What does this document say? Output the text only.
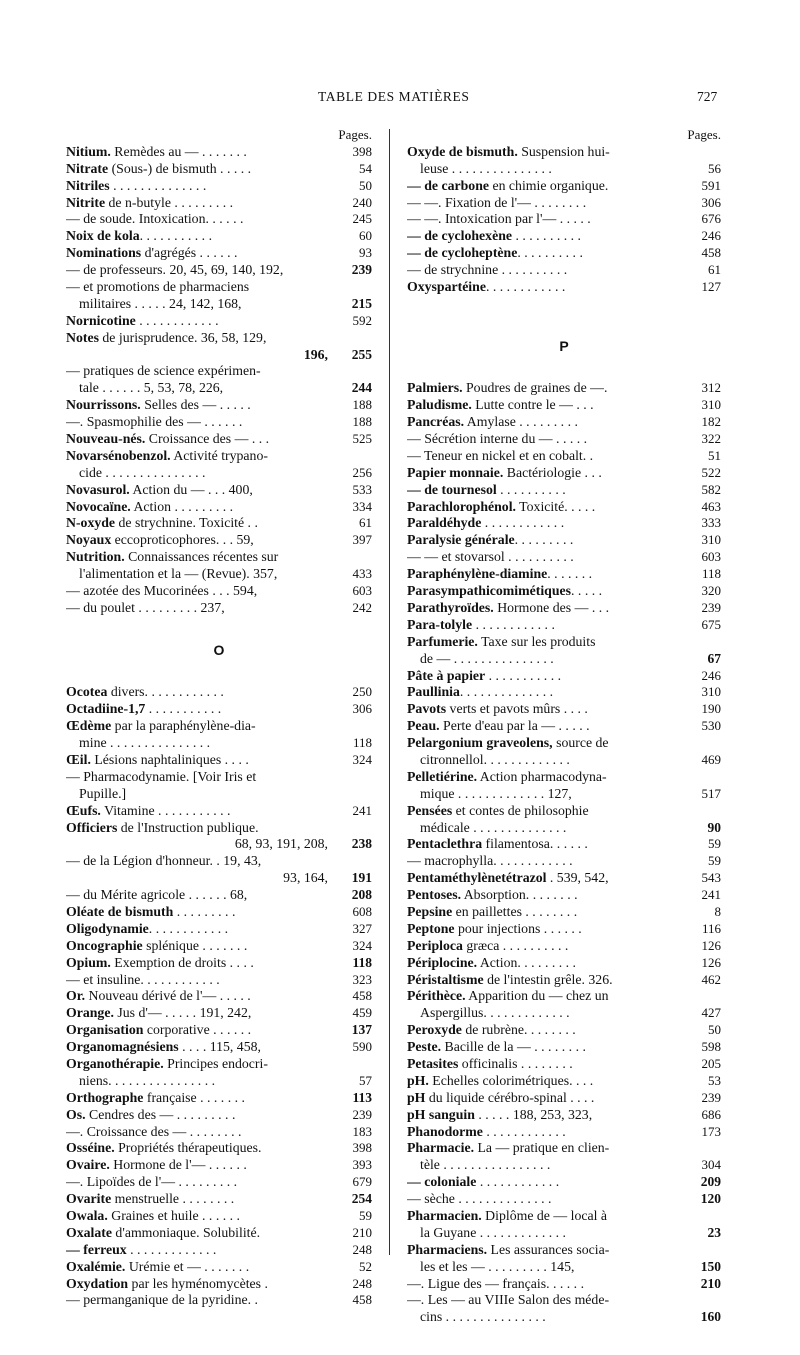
TABLE DES MATIÈRES	727
Pages.
Nitium. Remèdes au — . . . . . . .	398
Nitrate (Sous-) de bismuth . . . . .	54
Nitriles . . . . . . . . . . . . . .	50
Nitrite de n-butyle . . . . . . . . .	240
— de soude. Intoxication. . . . . .	245
Noix de kola. . . . . . . . . . .	60
Nominations d'agrégés . . . . . .	93
— de professeurs. 20, 45, 69, 140, 192,	239
— et promotions de pharmaciens
militaires . . . . . 24, 142, 168,	215
Nornicotine . . . . . . . . . . . .	592
Notes de jurisprudence. 36, 58, 129,
196,	255
— pratiques de science expérimen-
tale . . . . . . 5, 53, 78, 226,	244
Nourrissons. Selles des — . . . . .	188
—. Spasmophilie des — . . . . . .	188
Nouveau-nés. Croissance des — . . .	525
Novarsénobenzol. Activité trypano-
cide . . . . . . . . . . . . . . .	256
Novasurol. Action du — . . . 400,	533
Novocaïne. Action . . . . . . . . .	334
N-oxyde de strychnine. Toxicité . .	61
Noyaux eccoproticophores. . . 59,	397
Nutrition. Connaissances récentes sur
l'alimentation et la — (Revue). 357,	433
— azotée des Mucorinées . . . 594,	603
— du poulet . . . . . . . . . 237,	242
O
Ocotea divers. . . . . . . . . . . .	250
Octadiine-1,7 . . . . . . . . . . .	306
Œdème par la paraphénylène-dia-
mine . . . . . . . . . . . . . . .	118
Œil. Lésions naphtaliniques . . . .	324
— Pharmacodynamie. [Voir Iris et
Pupille.]
Œufs. Vitamine . . . . . . . . . . .	241
Officiers de l'Instruction publique.
68, 93, 191, 208,	238
— de la Légion d'honneur. . 19, 43,
93, 164,	191
— du Mérite agricole . . . . . . 68,	208
Oléate de bismuth . . . . . . . . .	608
Oligodynamie. . . . . . . . . . . .	327
Oncographie splénique . . . . . . .	324
Opium. Exemption de droits . . . .	118
— et insuline. . . . . . . . . . . .	323
Or. Nouveau dérivé de l'— . . . . .	458
Orange. Jus d'— . . . . . 191, 242,	459
Organisation corporative . . . . . .	137
Organomagnésiens . . . . 115, 458,	590
Organothérapie. Principes endocri-
niens. . . . . . . . . . . . . . . .	57
Orthographe française . . . . . . .	113
Os. Cendres des — . . . . . . . . .	239
—. Croissance des — . . . . . . . .	183
Osséine. Propriétés thérapeutiques.	398
Ovaire. Hormone de l'— . . . . . .	393
—. Lipoïdes de l'— . . . . . . . . .	679
Ovarite menstruelle . . . . . . . .	254
Owala. Graines et huile . . . . . .	59
Oxalate d'ammoniaque. Solubilité.	210
— ferreux . . . . . . . . . . . . .	248
Oxalémie. Urémie et — . . . . . . .	52
Oxydation par les hyménomycètes .	248
— permanganique de la pyridine. .	458
Pages.
Oxyde de bismuth. Suspension hui-
leuse . . . . . . . . . . . . . . .	56
— de carbone en chimie organique.	591
— —. Fixation de l'— . . . . . . . .	306
— —. Intoxication par l'— . . . . .	676
— de cyclohexène . . . . . . . . . .	246
— de cycloheptène. . . . . . . . . .	458
— de strychnine . . . . . . . . . .	61
Oxyspartéine. . . . . . . . . . . .	127
P
Palmiers. Poudres de graines de —.	312
Paludisme. Lutte contre le — . . .	310
Pancréas. Amylase . . . . . . . . .	182
— Sécrétion interne du — . . . . .	322
— Teneur en nickel et en cobalt. .	51
Papier monnaie. Bactériologie . . .	522
— de tournesol . . . . . . . . . .	582
Parachlorophénol. Toxicité. . . . .	463
Paraldéhyde . . . . . . . . . . . .	333
Paralysie générale. . . . . . . . .	310
— — et stovarsol . . . . . . . . . .	603
Paraphénylène-diamine. . . . . . .	118
Parasympathicomimétiques. . . . .	320
Parathyroïdes. Hormone des — . . .	239
Para-tolyle . . . . . . . . . . . .	675
Parfumerie. Taxe sur les produits
de — . . . . . . . . . . . . . . .	67
Pâte à papier . . . . . . . . . . .	246
Paullinia. . . . . . . . . . . . . .	310
Pavots verts et pavots mûrs . . . .	190
Peau. Perte d'eau par la — . . . . .	530
Pelargonium graveolens, source de
citronnellol. . . . . . . . . . . . .	469
Pelletiérine. Action pharmacodyna-
mique . . . . . . . . . . . . . 127,	517
Pensées et contes de philosophie
médicale . . . . . . . . . . . . . .	90
Pentaclethra filamentosa. . . . . .	59
— macrophylla. . . . . . . . . . . .	59
Pentaméthylènetétrazol . 539, 542,	543
Pentoses. Absorption. . . . . . . .	241
Pepsine en paillettes . . . . . . . .	8
Peptone pour injections . . . . . .	116
Periploca græca . . . . . . . . . .	126
Périplocine. Action. . . . . . . . .	126
Péristaltisme de l'intestin grêle. 326.	462
Périthèce. Apparition du — chez un
Aspergillus. . . . . . . . . . . . .	427
Peroxyde de rubrène. . . . . . . .	50
Peste. Bacille de la — . . . . . . . .	598
Petasites officinalis . . . . . . . .	205
pH. Echelles colorimétriques. . . .	53
pH du liquide cérébro-spinal . . . .	239
pH sanguin . . . . . 188, 253, 323,	686
Phanodorme . . . . . . . . . . . .	173
Pharmacie. La — pratique en clien-
tèle . . . . . . . . . . . . . . . .	304
— coloniale . . . . . . . . . . . .	209
— sèche . . . . . . . . . . . . . .	120
Pharmacien. Diplôme de — local à
la Guyane . . . . . . . . . . . . .	23
Pharmaciens. Les assurances socia-
les et les — . . . . . . . . . 145,	150
—. Ligue des — français. . . . . .	210
—. Les — au VIIIe Salon des méde-
cins . . . . . . . . . . . . . . .	160
